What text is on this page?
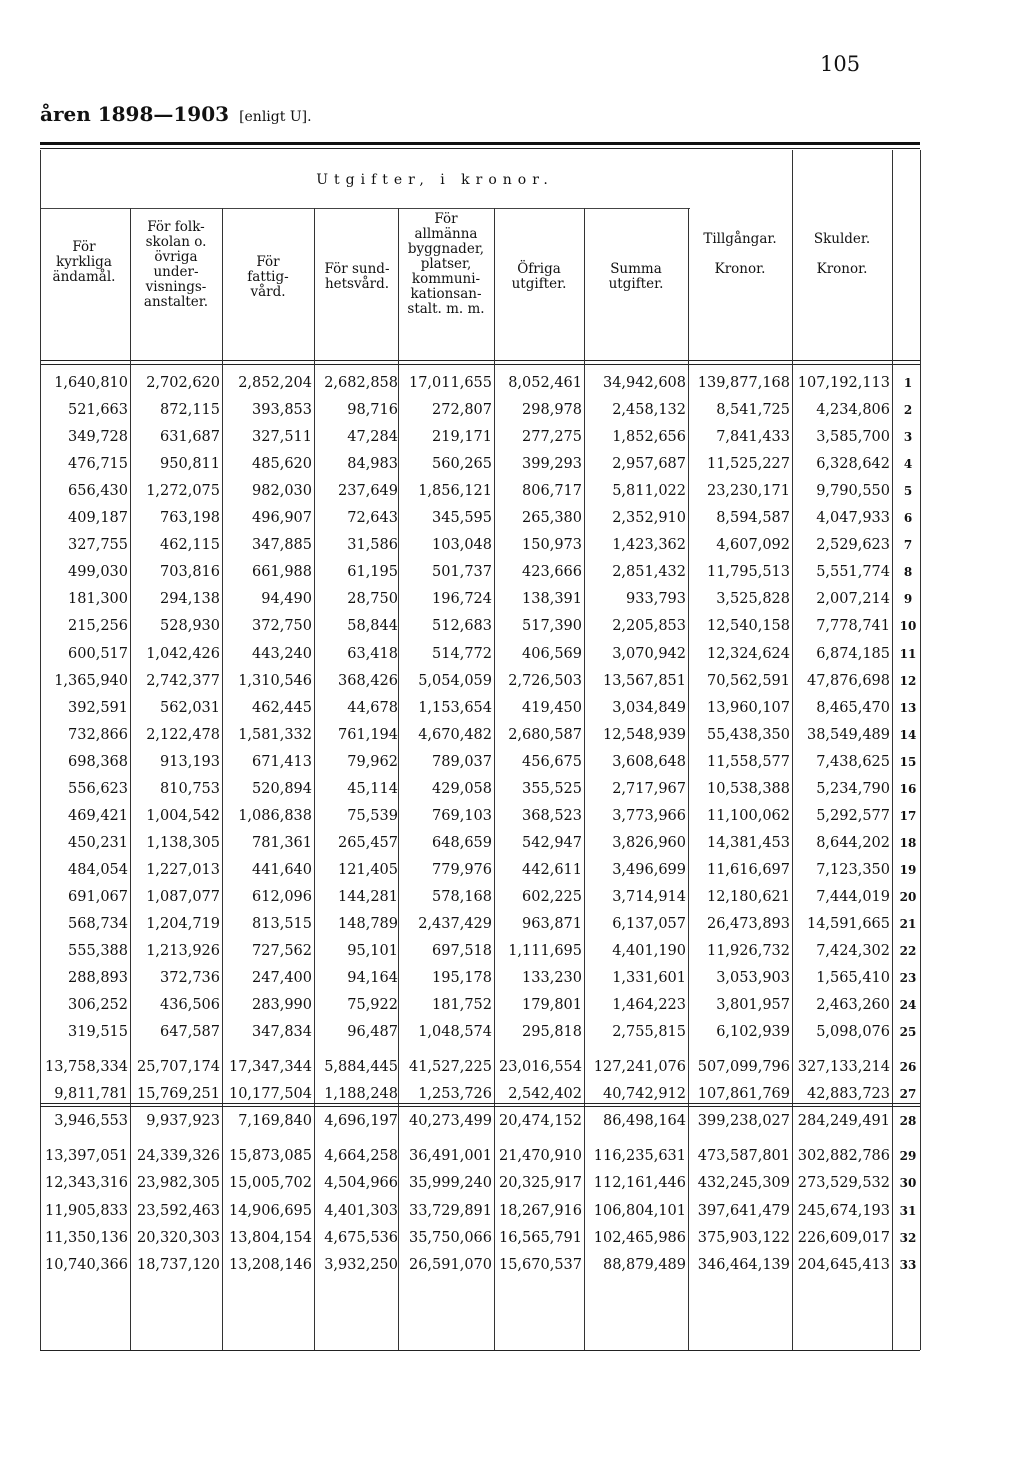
105
åren 1898—1903 [enligt U].
Utgifter, i kronor.
För
kyrkliga
ändamål.
För folk-
skolan o.
övriga
under-
visnings-
anstalter.
För
fattig-
vård.
För sund-
hetsvård.
För
allmänna
byggnader,
platser,
kommuni-
kationsan-
stalt. m. m.
Öfriga
utgifter.
Summa
utgifter.
Tillgångar.

Kronor.
Skulder.

Kronor.
1,640,810	2,702,620	2,852,204 2,682,858 17,011,655	8,052,461	34,942,608 139,877,168 107,192,113	1
521,663	872,115	393,853	98,716	272,807	298,978	2,458,132	8,541,725	4,234,806	2
349,728	631,687	327,511	47,284	219,171	277,275	1,852,656	7,841,433	3,585,700	3
476,715	950,811	485,620	84,983	560,265	399,293	2,957,687	11,525,227	6,328,642	4
656,430	1,272,075	982,030	237,649	1,856,121	806,717	5,811,022	23,230,171	9,790,550	5
409,187	763,198	496,907	72,643	345,595	265,380	2,352,910	8,594,587	4,047,933	6
327,755	462,115	347,885	31,586	103,048	150,973	1,423,362	4,607,092	2,529,623	7
499,030	703,816	661,988	61,195	501,737	423,666	2,851,432	11,795,513	5,551,774	8
181,300	294,138	94,490	28,750	196,724	138,391	933,793	3,525,828	2,007,214	9
215,256	528,930	372,750	58,844	512,683	517,390	2,205,853	12,540,158	7,778,741 10
600,517	1,042,426	443,240	63,418	514,772	406,569	3,070,942	12,324,624	6,874,185 11
1,365,940	2,742,377	1,310,546	368,426	5,054,059	2,726,503	13,567,851	70,562,591	47,876,698 12
392,591	562,031	462,445	44,678	1,153,654	419,450	3,034,849	13,960,107	8,465,470 13
732,866	2,122,478	1,581,332	761,194	4,670,482	2,680,587	12,548,939	55,438,350	38,549,489 14
698,368	913,193	671,413	79,962	789,037	456,675	3,608,648	11,558,577	7,438,625 15
556,623	810,753	520,894	45,114	429,058	355,525	2,717,967	10,538,388	5,234,790 16
469,421	1,004,542	1,086,838	75,539	769,103	368,523	3,773,966	11,100,062	5,292,577 17
450,231	1,138,305	781,361	265,457	648,659	542,947	3,826,960	14,381,453	8,644,202 18
484,054	1,227,013	441,640	121,405	779,976	442,611	3,496,699	11,616,697	7,123,350 19
691,067	1,087,077	612,096	144,281	578,168	602,225	3,714,914	12,180,621	7,444,019 20
568,734	1,204,719	813,515	148,789	2,437,429	963,871	6,137,057	26,473,893	14,591,665 21
555,388	1,213,926	727,562	95,101	697,518	1,111,695	4,401,190	11,926,732	7,424,302 22
288,893	372,736	247,400	94,164	195,178	133,230	1,331,601	3,053,903	1,565,410 23
306,252	436,506	283,990	75,922	181,752	179,801	1,464,223	3,801,957	2,463,260 24
319,515	647,587	347,834	96,487	1,048,574	295,818	2,755,815	6,102,939	5,098,076 25
13,758,334 25,707,174 17,347,344 5,884,445 41,527,225 23,016,554 127,241,076 507,099,796 327,133,214 26
9,811,781 15,769,251 10,177,504 1,188,248	1,253,726	2,542,402	40,742,912 107,861,769	42,883,723 27
3,946,553	9,937,923	7,169,840 4,696,197 40,273,499 20,474,152	86,498,164 399,238,027 284,249,491 28
13,397,051 24,339,326 15,873,085 4,664,258 36,491,001 21,470,910 116,235,631 473,587,801 302,882,786 29
12,343,316 23,982,305 15,005,702 4,504,966 35,999,240 20,325,917 112,161,446 432,245,309 273,529,532 30
11,905,833 23,592,463 14,906,695 4,401,303 33,729,891 18,267,916 106,804,101 397,641,479 245,674,193 31
11,350,136 20,320,303 13,804,154 4,675,536 35,750,066 16,565,791 102,465,986 375,903,122 226,609,017 32
10,740,366 18,737,120 13,208,146 3,932,250 26,591,070 15,670,537	88,879,489 346,464,139 204,645,413 33
